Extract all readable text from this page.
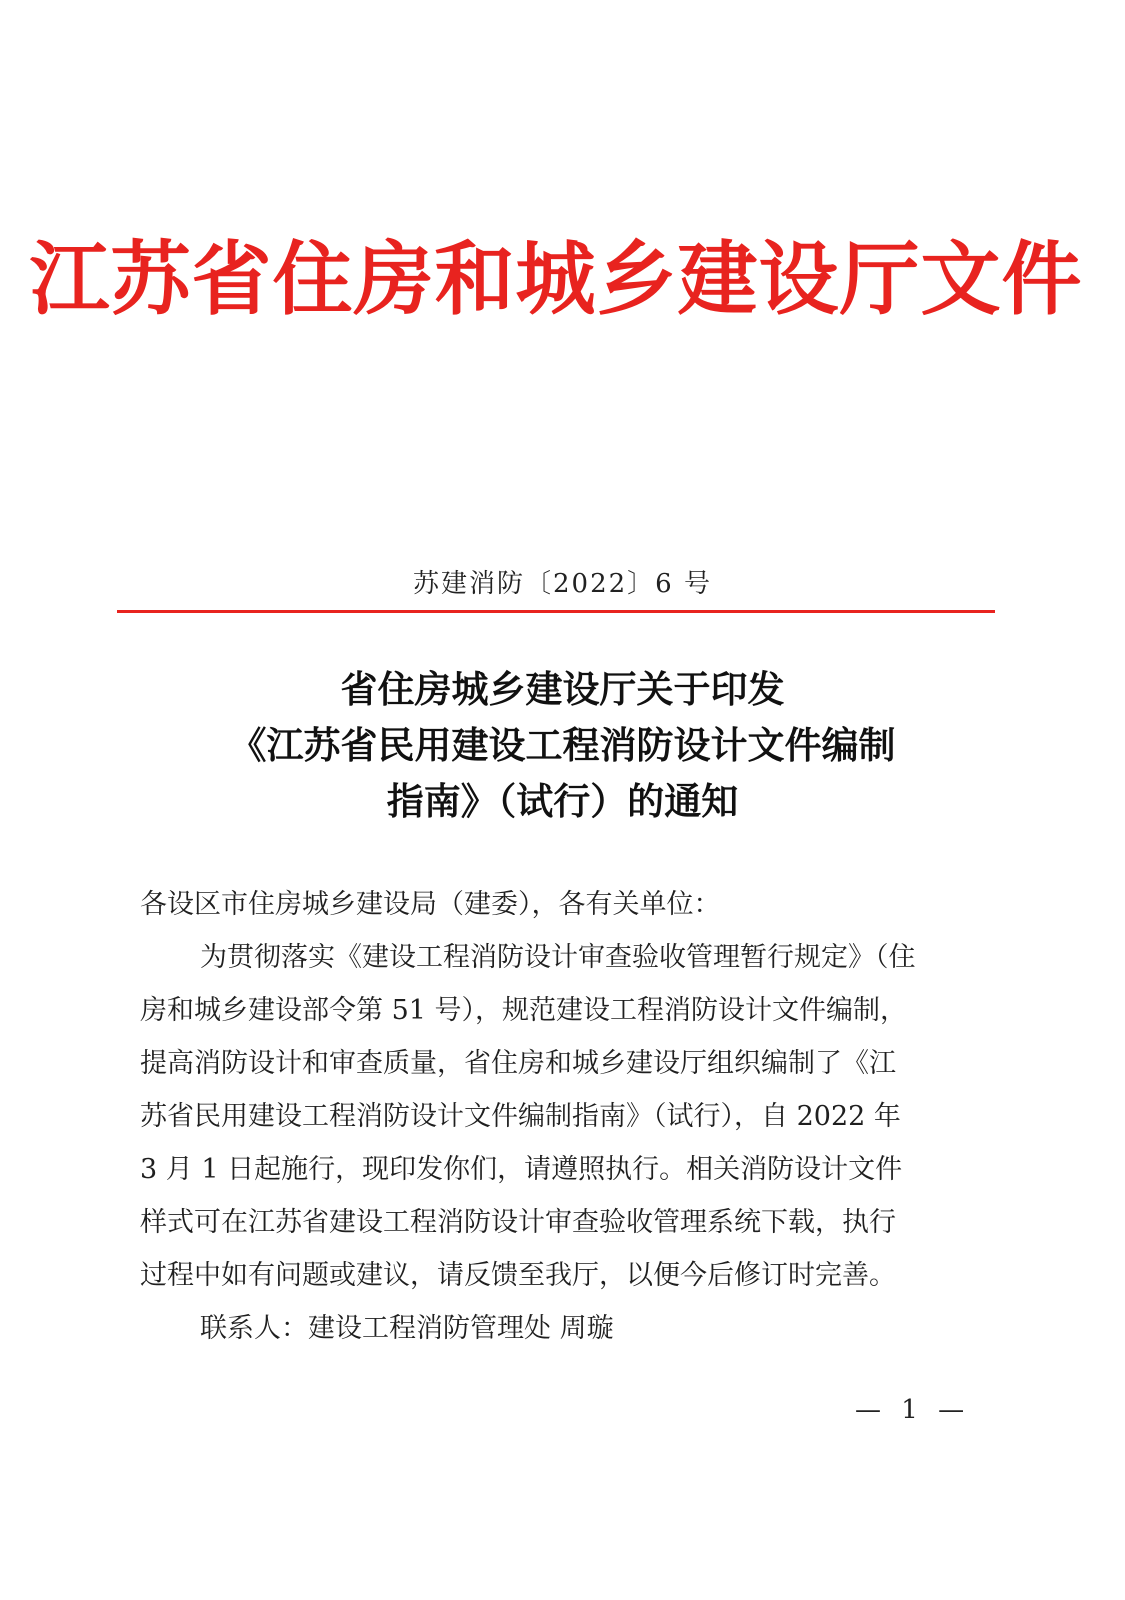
江苏省住房和城乡建设厅文件
苏建消防〔2022〕6 号
省住房城乡建设厅关于印发
《江苏省民用建设工程消防设计文件编制
指南》（试行）的通知

各设区市住房城乡建设局（建委），各有关单位：

为贯彻落实《建设工程消防设计审查验收管理暂行规定》（住

房和城乡建设部令第 51 号），规范建设工程消防设计文件编制，

提高消防设计和审查质量，省住房和城乡建设厅组织编制了《江

苏省民用建设工程消防设计文件编制指南》（试行），自 2022 年

3 月 1 日起施行，现印发你们，请遵照执行。相关消防设计文件

样式可在江苏省建设工程消防设计审查验收管理系统下载，执行

过程中如有问题或建议，请反馈至我厅，以便今后修订时完善。

联系人：建设工程消防管理处 周璇

— 1 —
